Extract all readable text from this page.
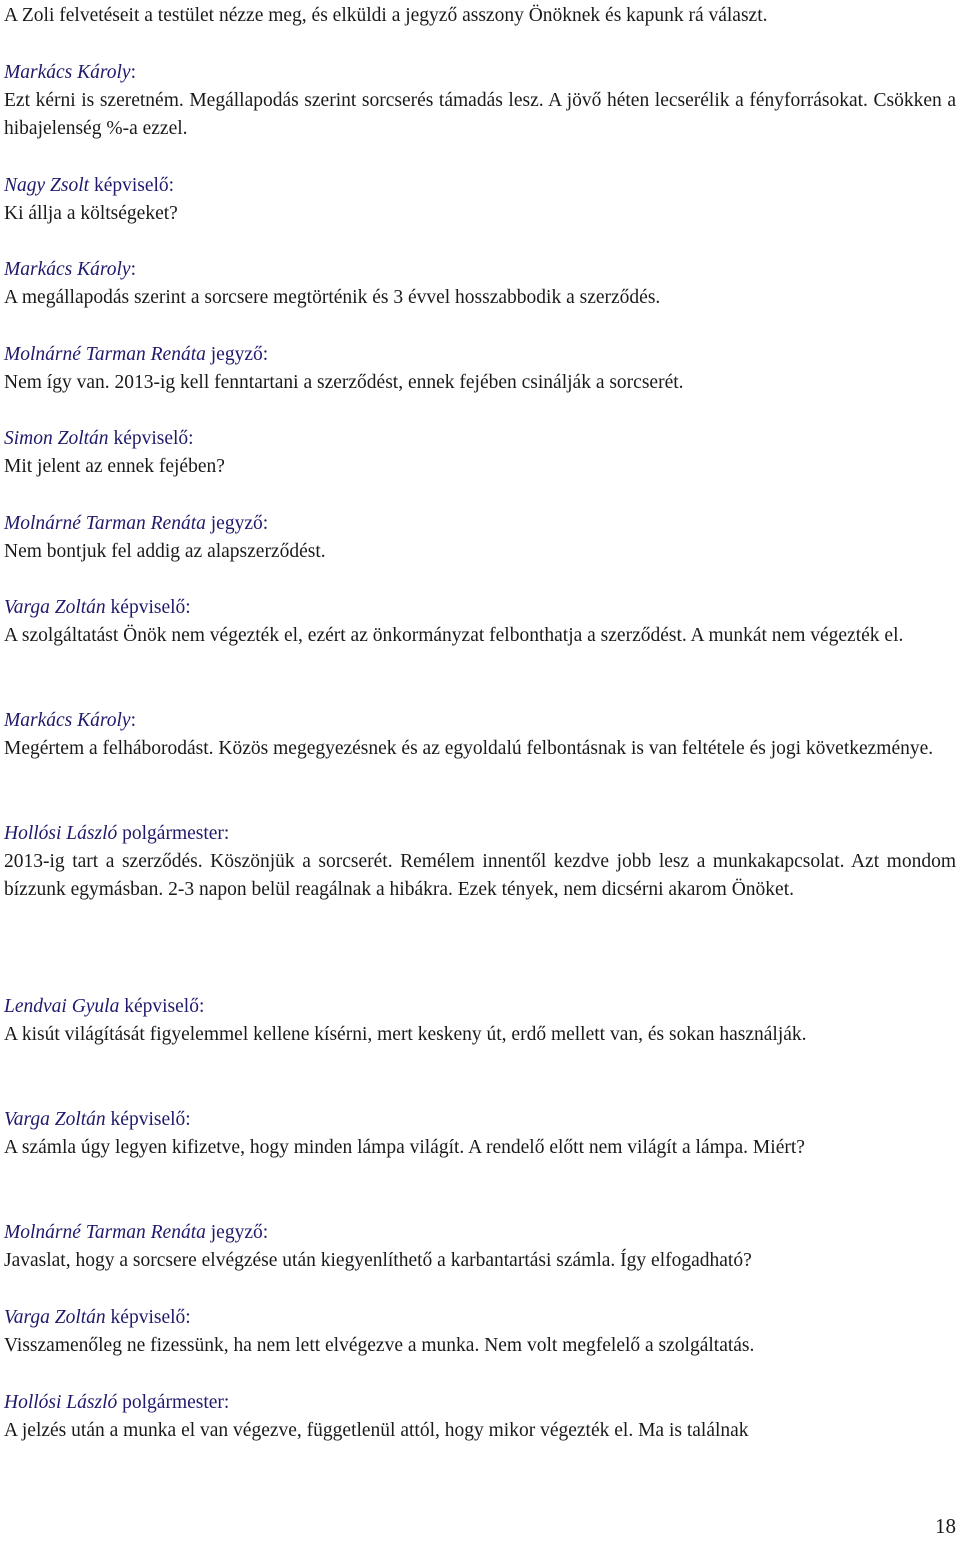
A Zoli felvetéseit a testület nézze meg, és elküldi a jegyző asszony Önöknek és kapunk rá választ.
Markács Károly:
Ezt kérni is szeretném. Megállapodás szerint sorcserés támadás lesz. A jövő héten lecserélik a fényforrásokat. Csökken a hibajelenség %-a ezzel.
Nagy Zsolt képviselő:
Ki állja a költségeket?
Markács Károly:
A megállapodás szerint a sorcsere megtörténik és 3 évvel hosszabbodik a szerződés.
Molnárné Tarman Renáta jegyző:
Nem így van. 2013-ig kell fenntartani a szerződést, ennek fejében csinálják a sorcserét.
Simon Zoltán képviselő:
Mit jelent az ennek fejében?
Molnárné Tarman Renáta jegyző:
Nem bontjuk fel addig az alapszerződést.
Varga Zoltán képviselő:
A szolgáltatást Önök nem végezték el, ezért az önkormányzat felbonthatja a szerződést. A munkát nem végezték el.
Markács Károly:
Megértem a felháborodást. Közös megegyezésnek és az egyoldalú felbontásnak is van feltétele és jogi következménye.
Hollósi László polgármester:
2013-ig tart a szerződés. Köszönjük a sorcserét. Remélem innentől kezdve jobb lesz a munkakapcsolat. Azt mondom bízzunk egymásban. 2-3 napon belül reagálnak a hibákra. Ezek tények, nem dicsérni akarom Önöket.
Lendvai Gyula képviselő:
A kisút világítását figyelemmel kellene kísérni, mert keskeny út, erdő mellett van, és sokan használják.
Varga Zoltán képviselő:
A számla úgy legyen kifizetve, hogy minden lámpa világít. A rendelő előtt nem világít a lámpa. Miért?
Molnárné Tarman Renáta jegyző:
Javaslat, hogy a sorcsere elvégzése után kiegyenlíthető a karbantartási számla. Így elfogadható?
Varga Zoltán képviselő:
Visszamenőleg ne fizessünk, ha nem lett elvégezve a munka. Nem volt megfelelő a szolgáltatás.
Hollósi László polgármester:
A jelzés után a munka el van végezve, függetlenül attól, hogy mikor végezték el. Ma is találnak
18
